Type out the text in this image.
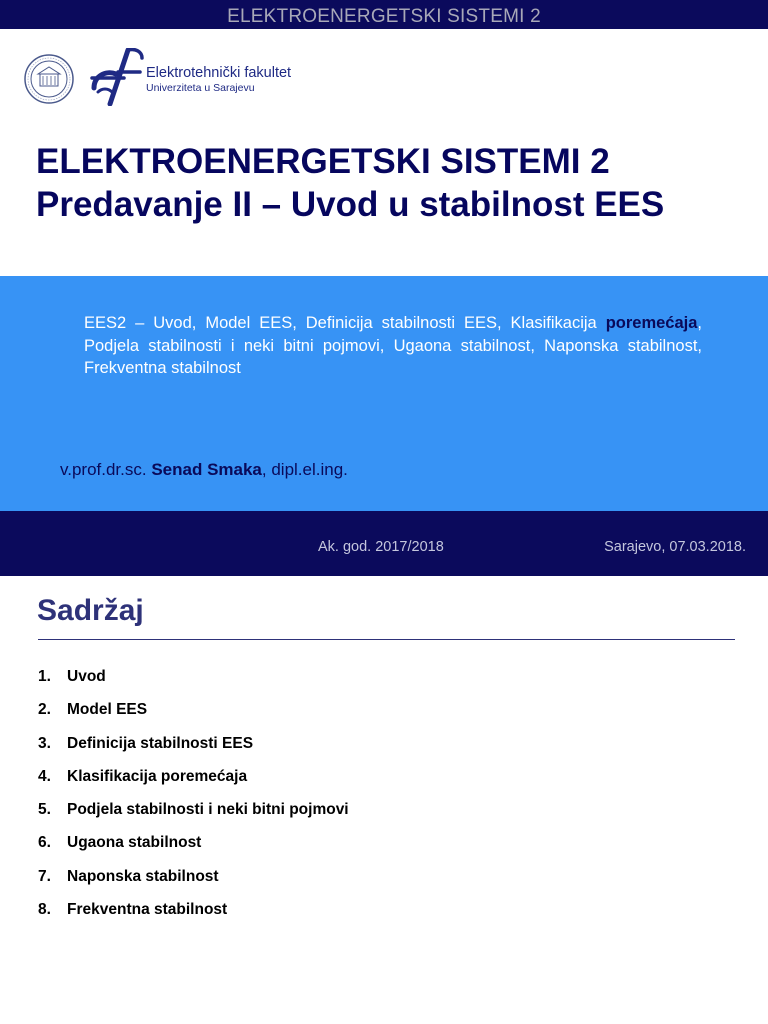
ELEKTROENERGETSKI SISTEMI 2
Elektrotehnički fakultet
Univerziteta u Sarajevu
ELEKTROENERGETSKI SISTEMI 2
Predavanje II – Uvod u stabilnost EES
EES2 – Uvod, Model EES, Definicija stabilnosti EES, Klasifikacija poremećaja, Podjela stabilnosti i neki bitni pojmovi, Ugaona stabilnost, Naponska stabilnost, Frekventna stabilnost
v.prof.dr.sc. Senad Smaka, dipl.el.ing.
Ak. god. 2017/2018	Sarajevo, 07.03.2018.
Sadržaj
1. Uvod
2. Model EES
3. Definicija stabilnosti EES
4. Klasifikacija poremećaja
5. Podjela stabilnosti i neki bitni pojmovi
6. Ugaona stabilnost
7. Naponska stabilnost
8. Frekventna stabilnost
